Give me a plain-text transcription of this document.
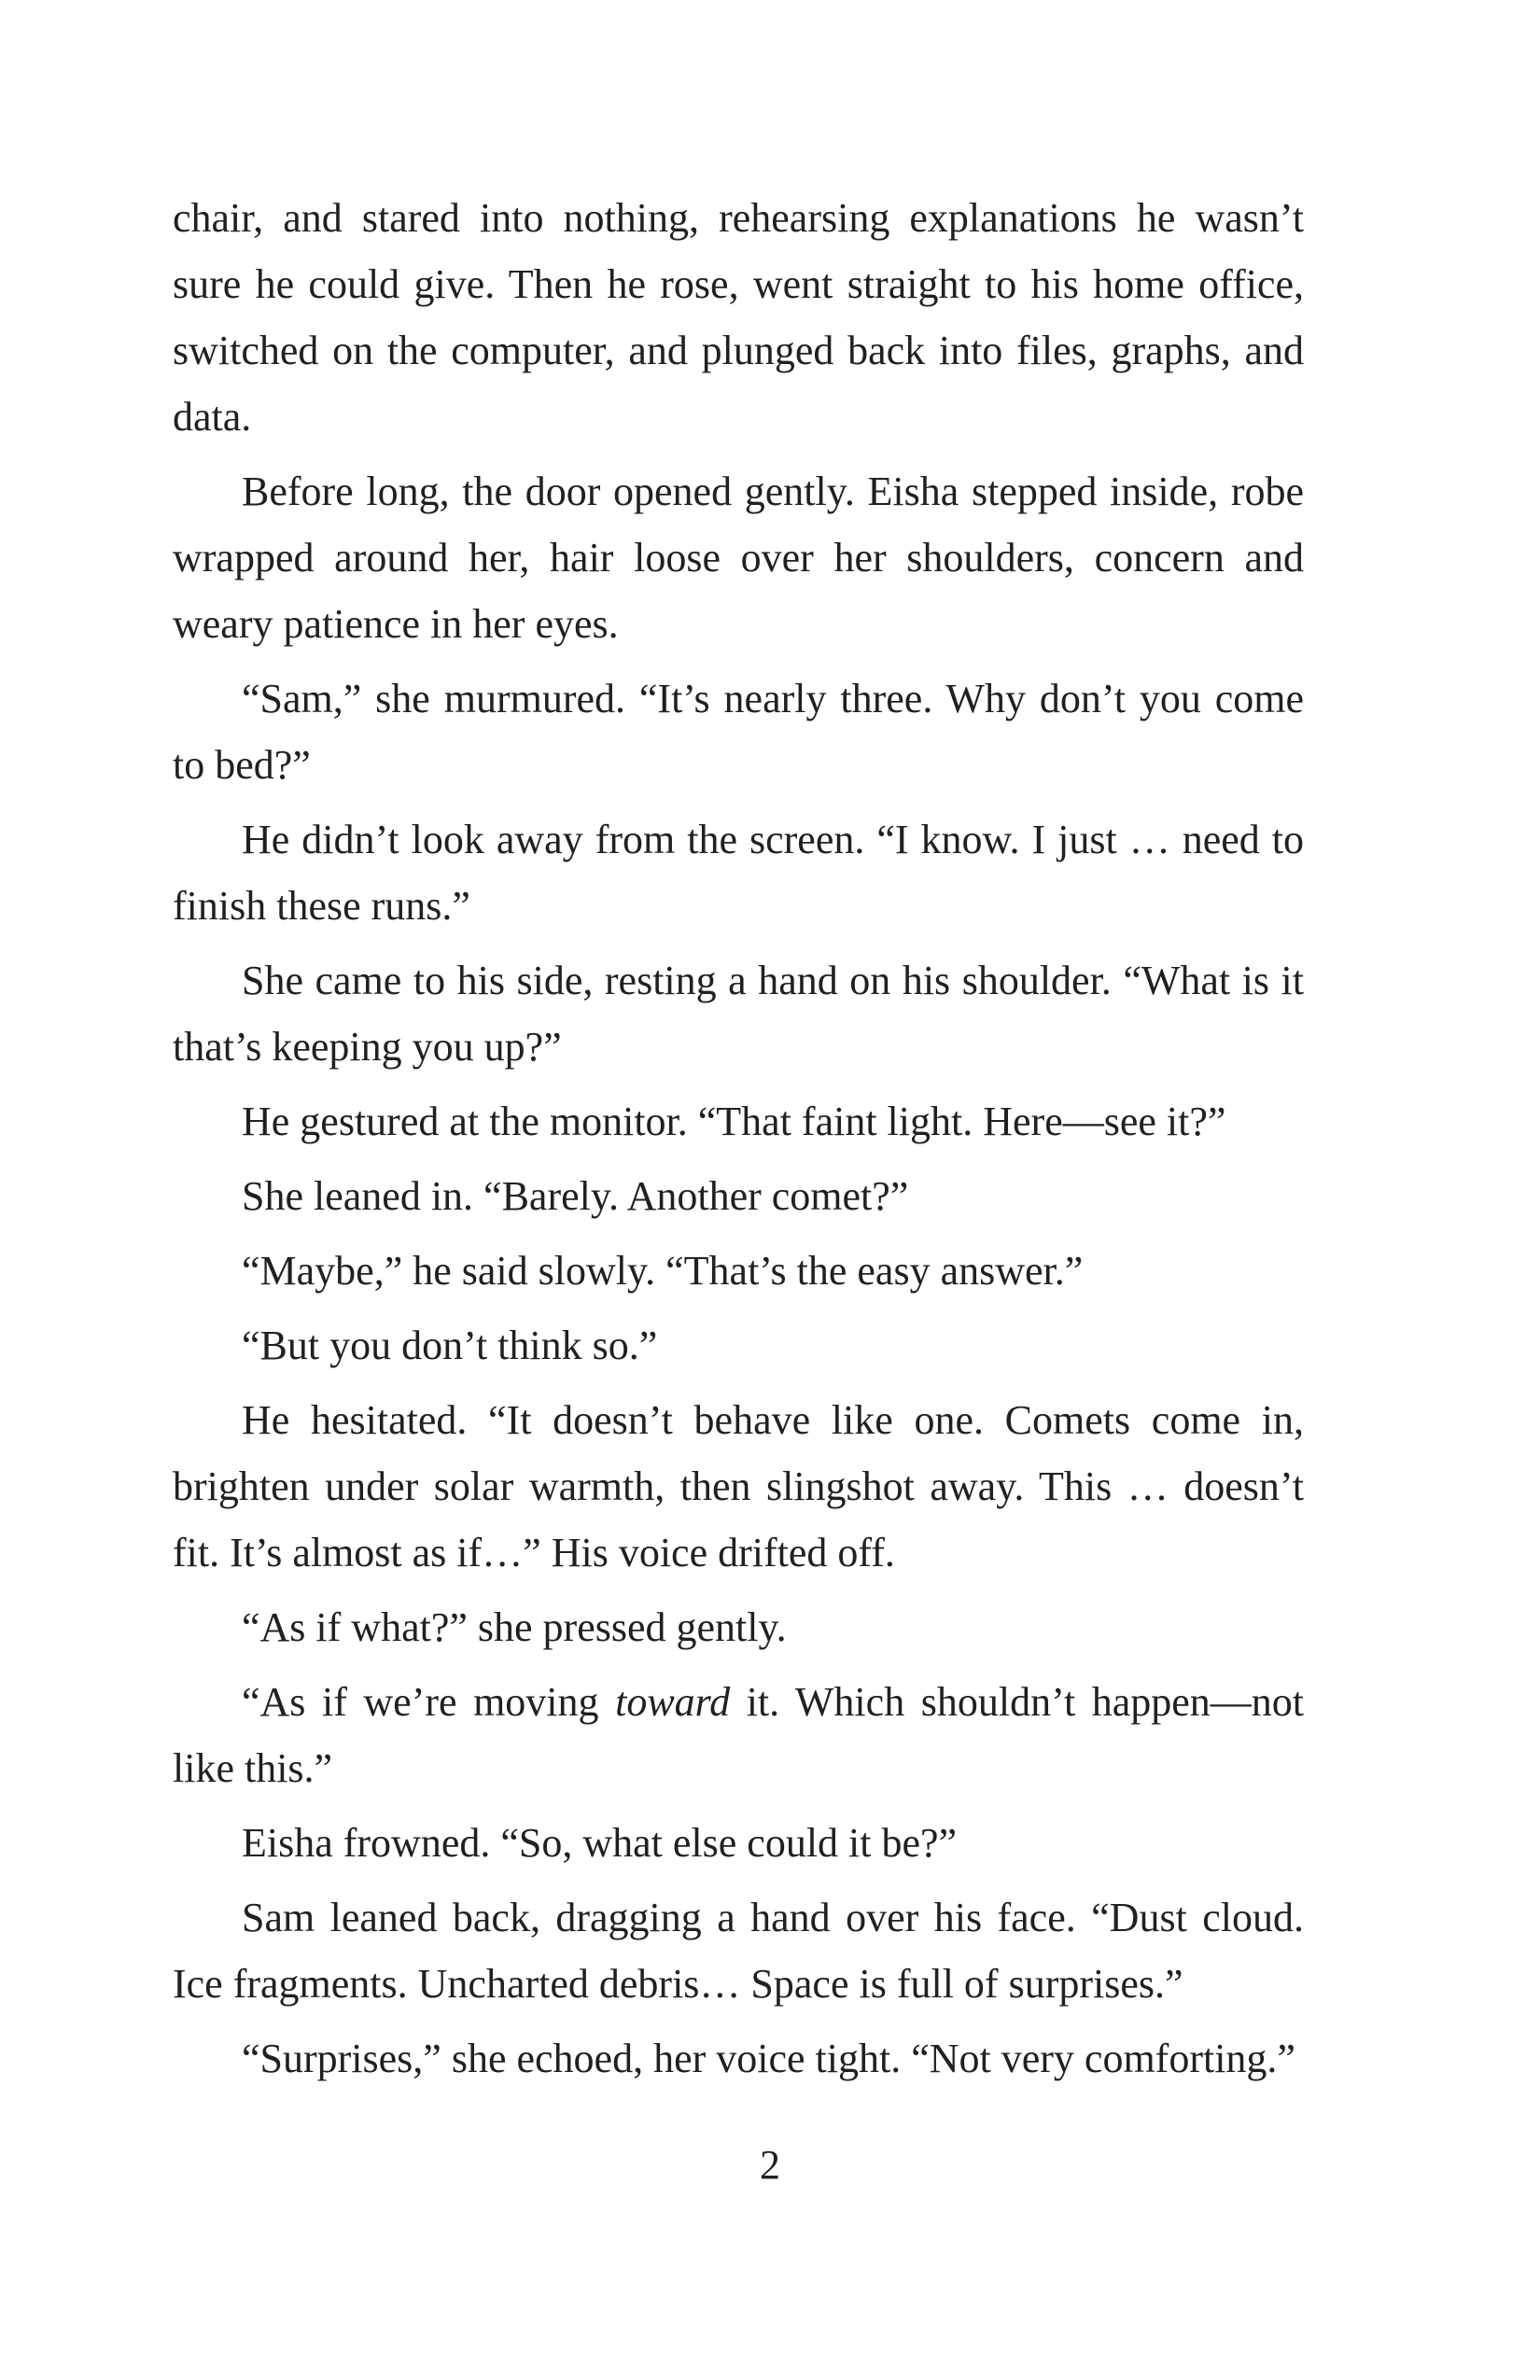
chair, and stared into nothing, rehearsing explanations he wasn’t sure he could give. Then he rose, went straight to his home office, switched on the computer, and plunged back into files, graphs, and data.

Before long, the door opened gently. Eisha stepped inside, robe wrapped around her, hair loose over her shoulders, concern and weary patience in her eyes.

“Sam,” she murmured. “It’s nearly three. Why don’t you come to bed?”

He didn’t look away from the screen. “I know. I just … need to finish these runs.”

She came to his side, resting a hand on his shoulder. “What is it that’s keeping you up?”

He gestured at the monitor. “That faint light. Here—see it?”

She leaned in. “Barely. Another comet?”

“Maybe,” he said slowly. “That’s the easy answer.”

“But you don’t think so.”

He hesitated. “It doesn’t behave like one. Comets come in, brighten under solar warmth, then slingshot away. This … doesn’t fit. It’s almost as if…” His voice drifted off.

“As if what?” she pressed gently.

“As if we’re moving toward it. Which shouldn’t happen—not like this.”

Eisha frowned. “So, what else could it be?”

Sam leaned back, dragging a hand over his face. “Dust cloud. Ice fragments. Uncharted debris… Space is full of surprises.”

“Surprises,” she echoed, her voice tight. “Not very comforting.”

2
